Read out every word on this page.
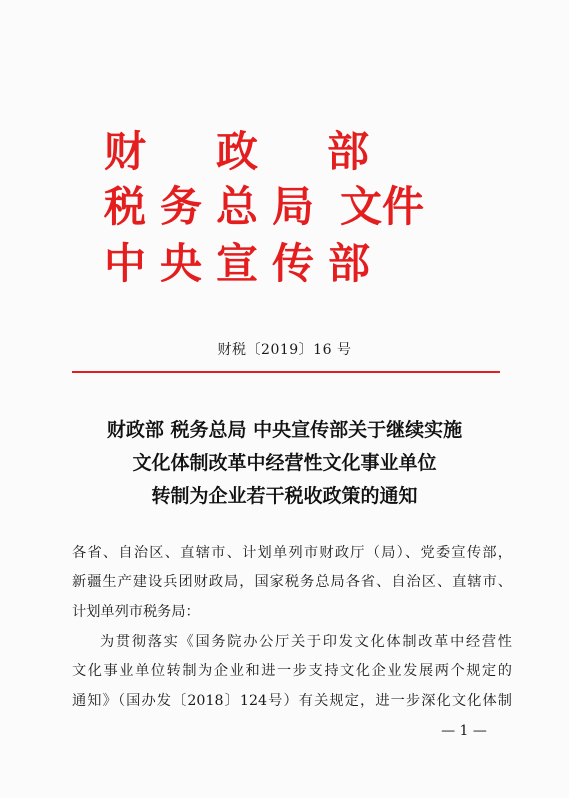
财 政 部
税 务 总 局 文件
中 央 宣 传 部
财税〔2019〕16 号
财政部 税务总局 中央宣传部关于继续实施
文化体制改革中经营性文化事业单位
转制为企业若干税收政策的通知
各省、自治区、直辖市、计划单列市财政厅（局）、党委宣传部，
新疆生产建设兵团财政局，国家税务总局各省、自治区、直辖市、
计划单列市税务局：
为贯彻落实《国务院办公厅关于印发文化体制改革中经营性
文化事业单位转制为企业和进一步支持文化企业发展两个规定的
通知》（国办发〔2018〕124号）有关规定，进一步深化文化体制
— 1 —
